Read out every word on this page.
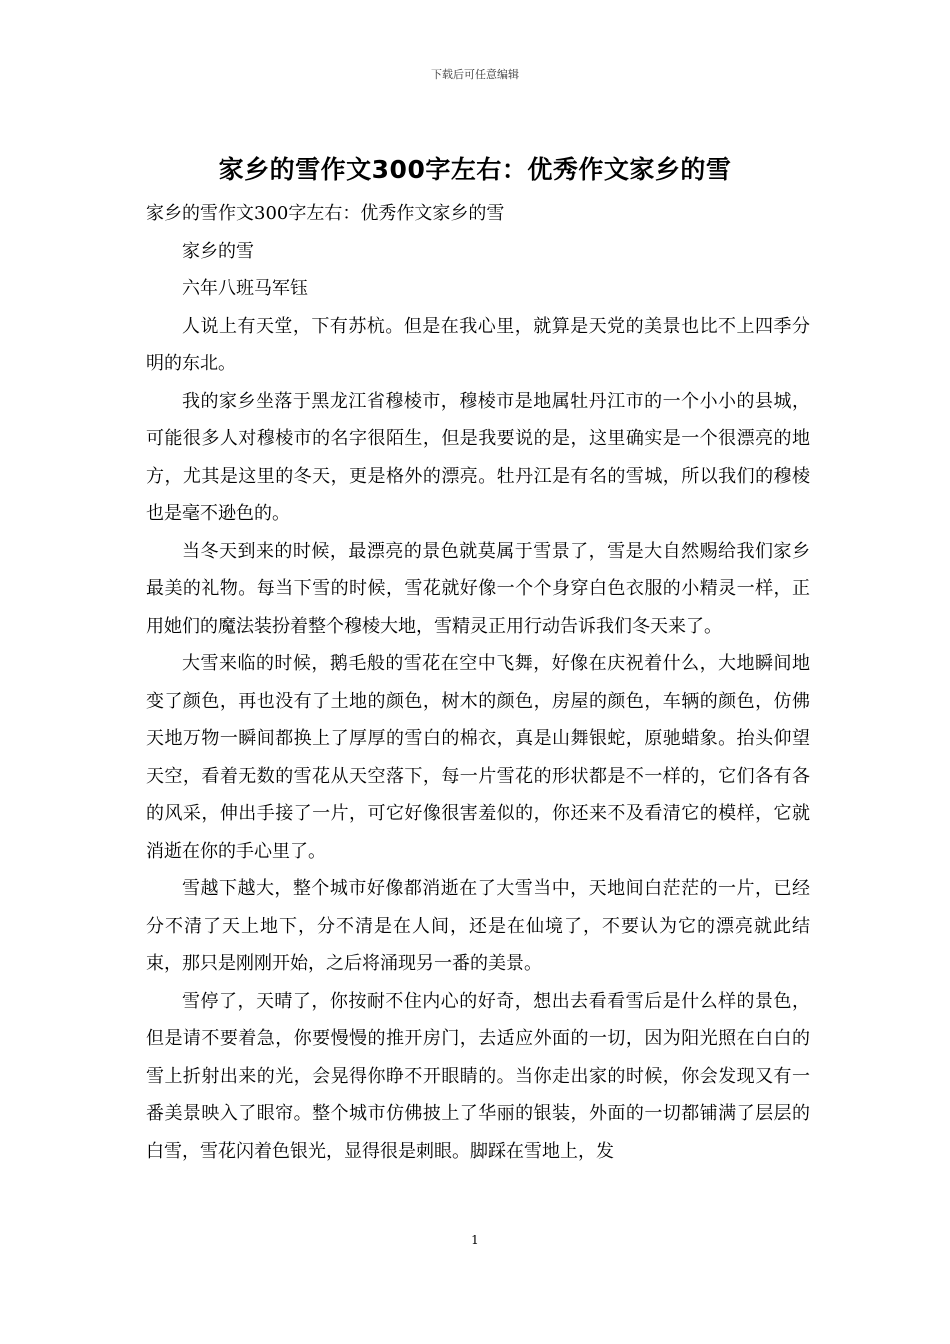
下载后可任意编辑
家乡的雪作文300字左右：优秀作文家乡的雪

家乡的雪作文300字左右：优秀作文家乡的雪

家乡的雪

六年八班马军钰

人说上有天堂，下有苏杭。但是在我心里，就算是天党的美景也比不上四季分明的东北。

我的家乡坐落于黑龙江省穆棱市，穆棱市是地属牡丹江市的一个小小的县城，可能很多人对穆棱市的名字很陌生，但是我要说的是，这里确实是一个很漂亮的地方，尤其是这里的冬天，更是格外的漂亮。牡丹江是有名的雪城，所以我们的穆棱也是毫不逊色的。

当冬天到来的时候，最漂亮的景色就莫属于雪景了，雪是大自然赐给我们家乡最美的礼物。每当下雪的时候，雪花就好像一个个身穿白色衣服的小精灵一样，正用她们的魔法装扮着整个穆棱大地，雪精灵正用行动告诉我们冬天来了。

大雪来临的时候，鹅毛般的雪花在空中飞舞，好像在庆祝着什么，大地瞬间地变了颜色，再也没有了土地的颜色，树木的颜色，房屋的颜色，车辆的颜色，仿佛天地万物一瞬间都换上了厚厚的雪白的棉衣，真是山舞银蛇，原驰蜡象。抬头仰望天空，看着无数的雪花从天空落下，每一片雪花的形状都是不一样的，它们各有各的风采，伸出手接了一片，可它好像很害羞似的，你还来不及看清它的模样，它就消逝在你的手心里了。

雪越下越大，整个城市好像都消逝在了大雪当中，天地间白茫茫的一片，已经分不清了天上地下，分不清是在人间，还是在仙境了，不要认为它的漂亮就此结束，那只是刚刚开始，之后将涌现另一番的美景。

雪停了，天晴了，你按耐不住内心的好奇，想出去看看雪后是什么样的景色，但是请不要着急，你要慢慢的推开房门，去适应外面的一切，因为阳光照在白白的雪上折射出来的光，会晃得你睁不开眼睛的。当你走出家的时候，你会发现又有一番美景映入了眼帘。整个城市仿佛披上了华丽的银装，外面的一切都铺满了层层的白雪，雪花闪着色银光，显得很是刺眼。脚踩在雪地上，发

1
